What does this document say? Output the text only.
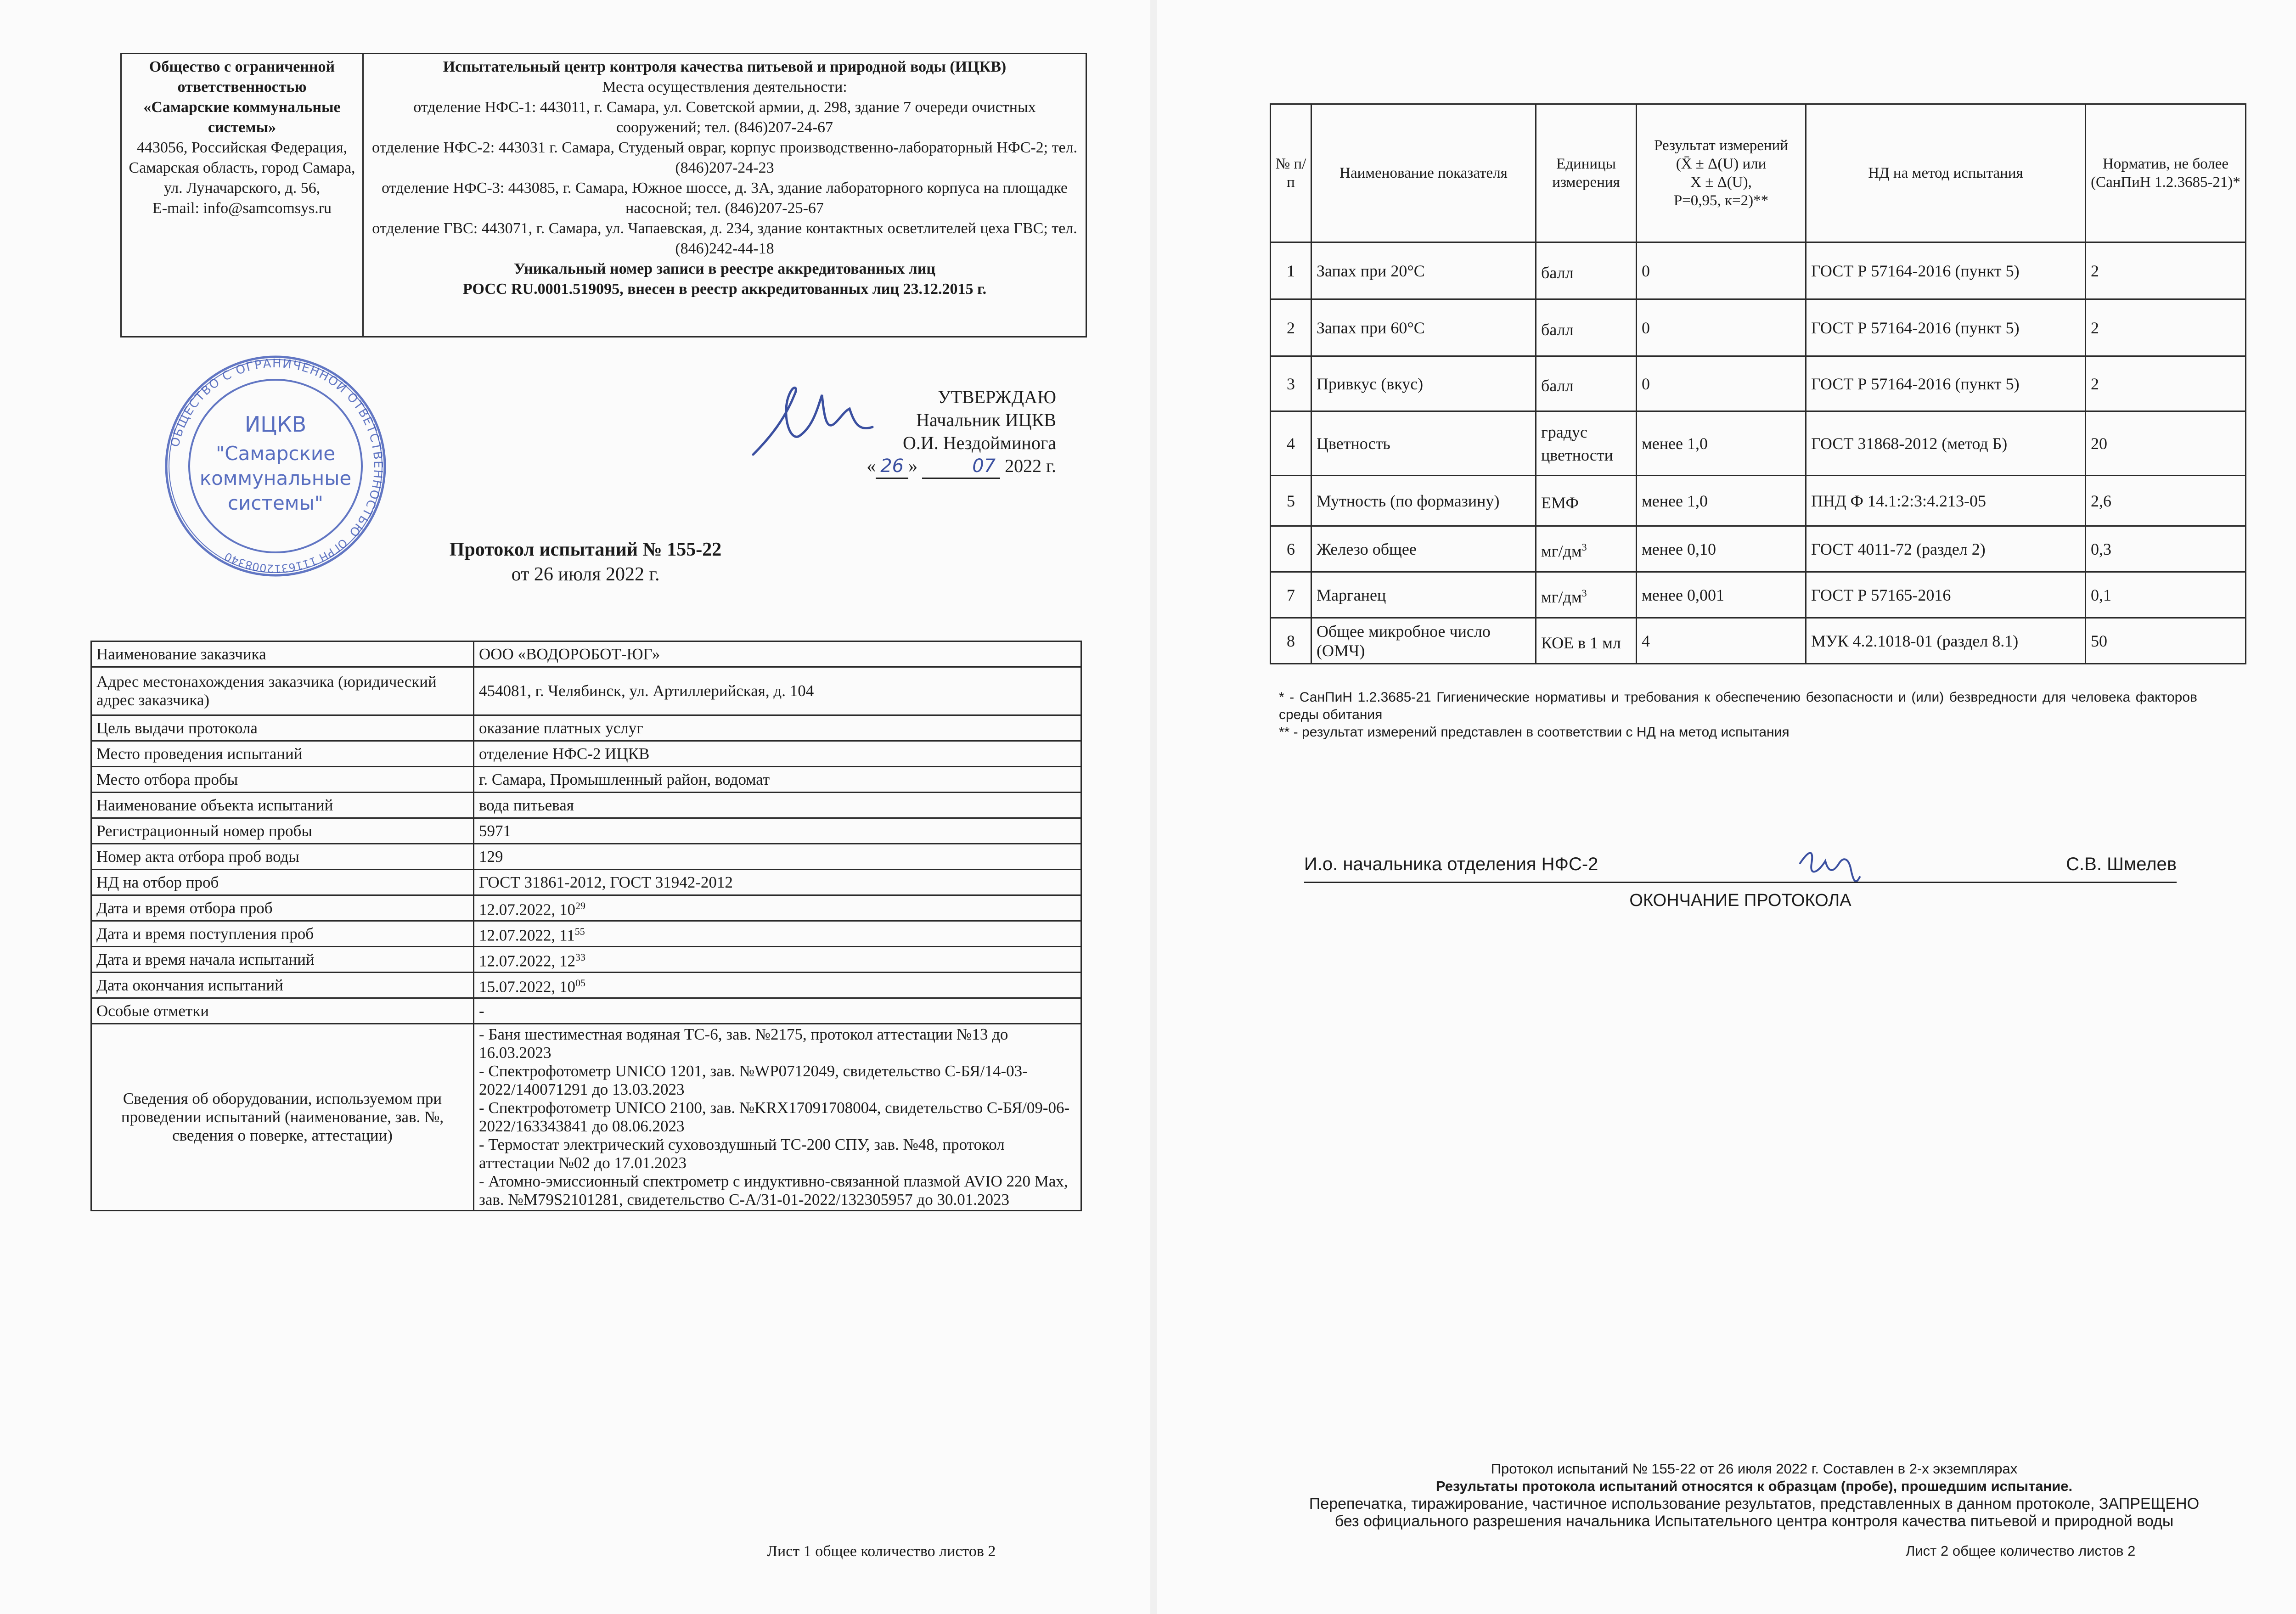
Общество с ограниченной ответственностью
«Самарские коммунальные системы»
443056, Российская Федерация, Самарская область, город Самара, ул. Луначарского, д. 56,
E-mail: info@samcomsys.ru

Испытательный центр контроля качества питьевой и природной воды (ИЦКВ)
Места осуществления деятельности:
отделение НФС-1: 443011, г. Самара, ул. Советской армии, д. 298, здание 7 очереди очистных сооружений; тел. (846)207-24-67
отделение НФС-2: 443031 г. Самара, Студеный овраг, корпус производственно-лабораторный НФС-2; тел. (846)207-24-23
отделение НФС-3: 443085, г. Самара, Южное шоссе, д. 3А, здание лабораторного корпуса на площадке насосной; тел. (846)207-25-67
отделение ГВС: 443071, г. Самара, ул. Чапаевская, д. 234, здание контактных осветлителей цеха ГВС; тел. (846)242-44-18
Уникальный номер записи в реестре аккредитованных лиц
РОСС RU.0001.519095, внесен в реестр аккредитованных лиц 23.12.2015 г.
ОБЩЕСТВО С ОГРАНИЧЕННОЙ ОТВЕТСТВЕННОСТЬЮ
ОГРН 1116312008340
ИЦКВ
"Самарские
коммунальные
системы"
УТВЕРЖДАЮ
Начальник ИЦКВ
О.И. Нездойминога
« 26 »	07 2022 г.
Протокол испытаний № 155-22
от 26 июля 2022 г.
Наименование заказчика	ООО «ВОДОРОБОТ-ЮГ»
Адрес местонахождения заказчика (юридический адрес заказчика)	454081, г. Челябинск, ул. Артиллерийская, д. 104
Цель выдачи протокола	оказание платных услуг
Место проведения испытаний	отделение НФС-2 ИЦКВ
Место отбора пробы	г. Самара, Промышленный район, водомат
Наименование объекта испытаний	вода питьевая
Регистрационный номер пробы	5971
Номер акта отбора проб воды	129
НД на отбор проб	ГОСТ 31861-2012, ГОСТ 31942-2012
Дата и время отбора проб	12.07.2022, $10^{29}$
Дата и время поступления проб	12.07.2022, $11^{55}$
Дата и время начала испытаний	12.07.2022, $12^{33}$
Дата окончания испытаний	15.07.2022, $10^{05}$
Особые отметки	-
Сведения об оборудовании, используемом при проведении испытаний (наименование, зав. №, сведения о поверке, аттестации)	- Баня шестиместная водяная ТС-6, зав. №2175, протокол аттестации №13 до 16.03.2023
- Спектрофотометр UNICO 1201, зав. №WP0712049, свидетельство С-БЯ/14-03-2022/140071291 до 13.03.2023
- Спектрофотометр UNICO 2100, зав. №KRX17091708004, свидетельство С-БЯ/09-06-2022/163343841 до 08.06.2023
- Термостат электрический суховоздушный ТС-200 СПУ, зав. №48, протокол аттестации №02 до 17.01.2023
- Атомно-эмиссионный спектрометр с индуктивно-связанной плазмой AVIO 220 Max, зав. №M79S2101281, свидетельство С-А/31-01-2022/132305957 до 30.01.2023
Лист 1 общее количество листов 2
№ п/п	Наименование показателя	Единицы измерения	Результат измерений
(X̄ ± Δ(U) или
X ± Δ(U),
P=0,95, к=2)**	НД на метод испытания	Норматив, не более (СанПиН 1.2.3685-21)*
1	Запах при 20°С	балл	0	ГОСТ Р 57164-2016 (пункт 5)	2
2	Запах при 60°С	балл	0	ГОСТ Р 57164-2016 (пункт 5)	2
3	Привкус (вкус)	балл	0	ГОСТ Р 57164-2016 (пункт 5)	2
4	Цветность	градус цветности	менее 1,0	ГОСТ 31868-2012 (метод Б)	20
5	Мутность (по формазину)	ЕМФ	менее 1,0	ПНД Ф 14.1:2:3:4.213-05	2,6
6	Железо общее	$мг/дм^3$	менее 0,10	ГОСТ 4011-72 (раздел 2)	0,3
7	Марганец	$мг/дм^3$	менее 0,001	ГОСТ Р 57165-2016	0,1
8	Общее микробное число (ОМЧ)	КОЕ в 1 мл	4	МУК 4.2.1018-01 (раздел 8.1)	50
* - СанПиН 1.2.3685-21 Гигиенические нормативы и требования к обеспечению безопасности и (или) безвредности для человека факторов среды обитания
** - результат измерений представлен в соответствии с НД на метод испытания
И.о. начальника отделения НФС-2	С.В. Шмелев
ОКОНЧАНИЕ ПРОТОКОЛА
Протокол испытаний № 155-22 от 26 июля 2022 г. Составлен в 2-х экземплярах
Результаты протокола испытаний относятся к образцам (пробе), прошедшим испытание.
Перепечатка, тиражирование, частичное использование результатов, представленных в данном протоколе, ЗАПРЕЩЕНО
без официального разрешения начальника Испытательного центра контроля качества питьевой и природной воды
Лист 2 общее количество листов 2
